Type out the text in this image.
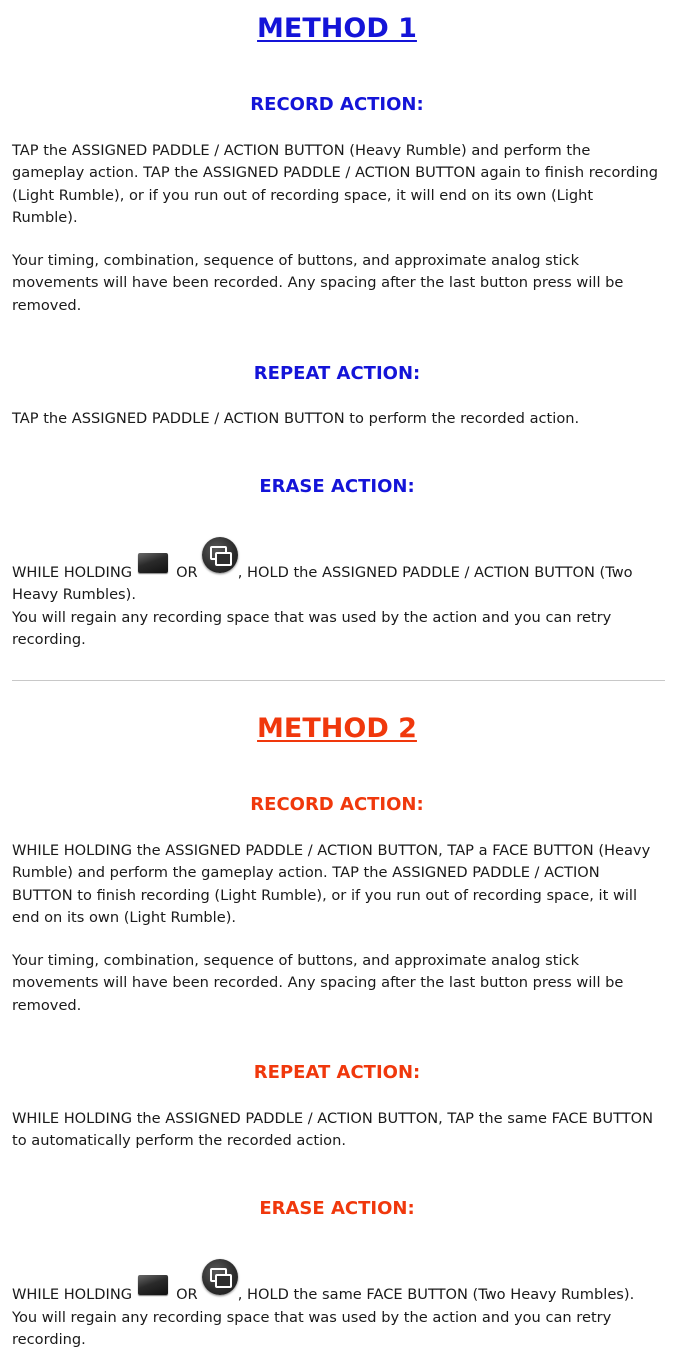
METHOD 1
RECORD ACTION:

TAP the ASSIGNED PADDLE / ACTION BUTTON (Heavy Rumble) and perform the gameplay action. TAP the ASSIGNED PADDLE / ACTION BUTTON again to finish recording (Light Rumble), or if you run out of recording space, it will end on its own (Light Rumble).

Your timing, combination, sequence of buttons, and approximate analog stick movements will have been recorded. Any spacing after the last button press will be removed.

REPEAT ACTION:

TAP the ASSIGNED PADDLE / ACTION BUTTON to perform the recorded action.

ERASE ACTION:

WHILE HOLDING	OR	, HOLD the ASSIGNED PADDLE / ACTION BUTTON (Two Heavy Rumbles).

You will regain any recording space that was used by the action and you can retry recording.

METHOD 2
RECORD ACTION:

WHILE HOLDING the ASSIGNED PADDLE / ACTION BUTTON, TAP a FACE BUTTON (Heavy Rumble) and perform the gameplay action. TAP the ASSIGNED PADDLE / ACTION BUTTON to finish recording (Light Rumble), or if you run out of recording space, it will end on its own (Light Rumble).

Your timing, combination, sequence of buttons, and approximate analog stick movements will have been recorded. Any spacing after the last button press will be removed.

REPEAT ACTION:

WHILE HOLDING the ASSIGNED PADDLE / ACTION BUTTON, TAP the same FACE BUTTON to automatically perform the recorded action.

ERASE ACTION:

WHILE HOLDING	OR	, HOLD the same FACE BUTTON (Two Heavy Rumbles).

You will regain any recording space that was used by the action and you can retry recording.
